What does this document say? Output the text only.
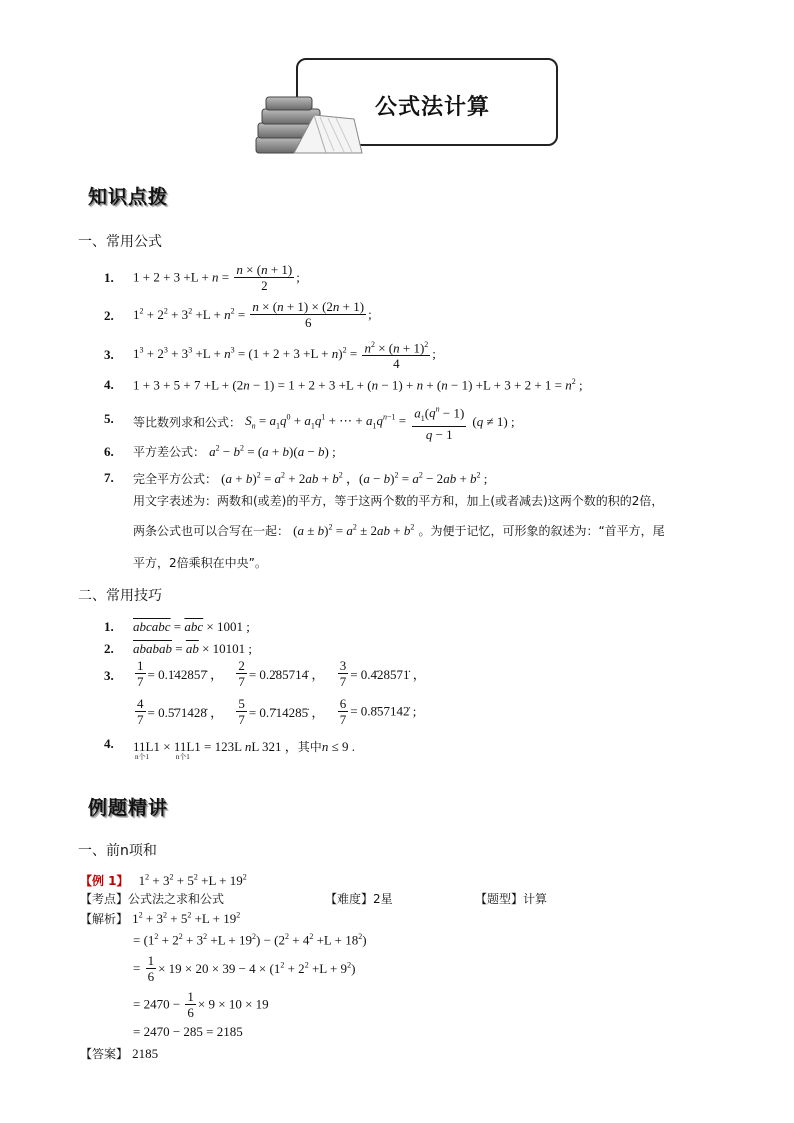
公式法计算
知识点拨
一、常用公式
1. $1 + 2 + 3 +L + n = \frac{n \times (n + 1)}{2}$ ;
2. $1^2 + 2^2 + 3^2 +L + n^2 = \frac{n \times (n + 1) \times (2n + 1)}{6}$ ;
3. $1^3 + 2^3 + 3^3 +L + n^3 = (1 + 2 + 3 +L + n)^2 = \frac{n^2 \times (n + 1)^2}{4}$ ;
4. $1 + 3 + 5 + 7 +L + (2n - 1) = 1 + 2 + 3 +L + (n - 1) + n + (n - 1) +L + 3 + 2 + 1 = n^2$ ;
5. 等比数列求和公式： $S_n = a_1q^0 + a_1q^1$ + ⋯ + $a_1q^{n-1} = \frac{a_1(q^n - 1)}{q - 1} (q \ne 1)$ ;
6. 平方差公式： $a^2 - b^2 = (a + b)(a - b)$ ;
7. 完全平方公式： $(a + b)^2 = a^2 + 2ab + b^2$ ，$(a - b)^2 = a^2 - 2ab + b^2$ ;
用文字表述为：两数和(或差)的平方，等于这两个数的平方和，加上(或者减去)这两个数的积的2倍，
两条公式也可以合写在一起： $(a \pm b)^2 = a^2 \pm 2ab + b^2$ 。为便于记忆，可形象的叙述为：“首平方，尾
平方，2倍乘积在中央”。
二、常用技巧
1. abcabc = $\overline{abc} \times 1001$ ;
2. ababab = $\overline{ab} \times 10101$ ;
3. $\frac{1}{7}$ = 0.1̇42857̇ ， $\frac{2}{7}$ = 0.2̇85714̇ ， $\frac{3}{7}$ = 0.4̇28571̇ ，
$\frac{4}{7}$ = 0.5̇71428̇ ， $\frac{5}{7}$ = 0.7̇14285̇ ， $\frac{6}{7}$ = 0.8̇57142̇ ;
4. 11L1
n个1
× 11L1
n个1
= 123L nL 321 ，其中n ≤ 9 .
例题精讲
一、前n项和
【例 1】 $1^2 + 3^2 + 5^2 +L + 19^2$
【考点】公式法之求和公式	【难度】2星	【题型】计算
【解析】 $1^2 + 3^2 + 5^2 +L + 19^2$
= $(1^2 + 2^2 + 3^2 +L + 19^2) - (2^2 + 4^2 +L + 18^2)$
= $\frac{1}{6} \times 19 \times 20 \times 39 - 4 \times (1^2 + 2^2 +L + 9^2)$
= $2470 - \frac{1}{6} \times 9 \times 10 \times 19$
= 2470 − 285 = 2185
【答案】 2185
